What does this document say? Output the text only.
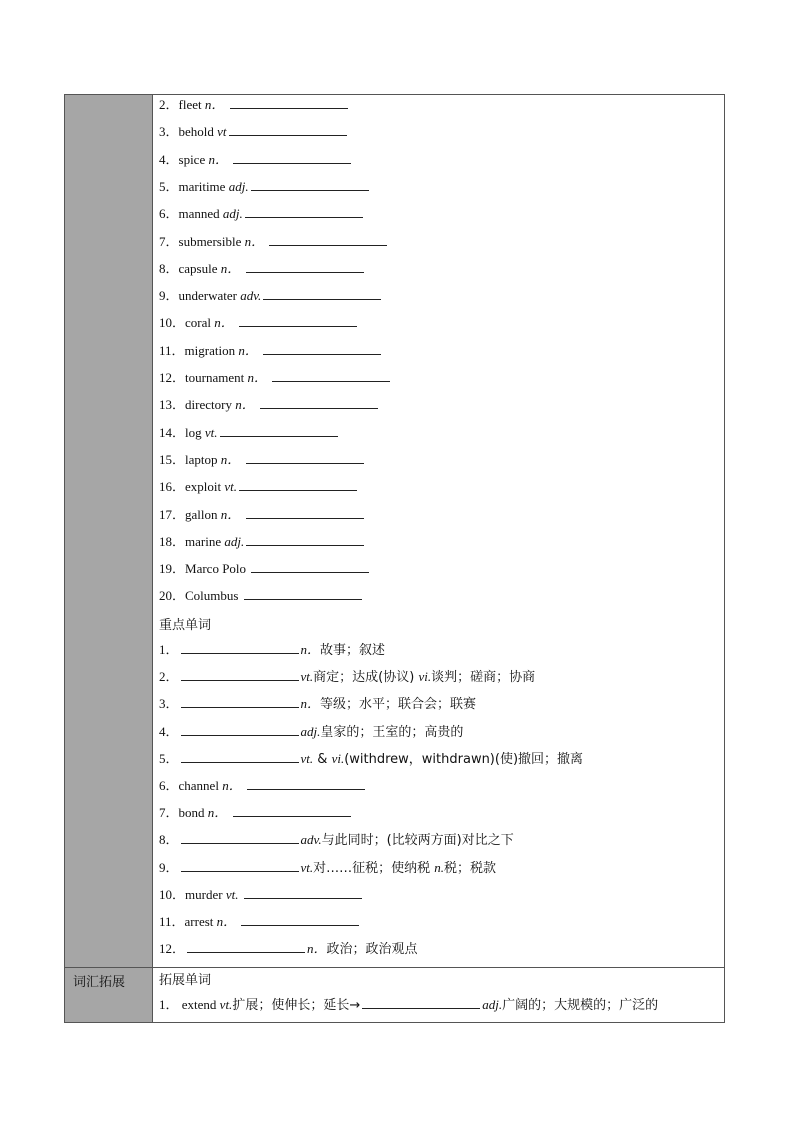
词汇拓展
2．fleet n．
3．behold vt
4．spice n．
5．maritime adj.
6．manned adj.
7．submersible n．
8．capsule n．
9．underwater adv.
10．coral n．
11．migration n．
12．tournament n．
13．directory n．
14．log vt.
15．laptop n．
16．exploit vt.
17．gallon n．
18．marine adj.
19．Marco Polo
20．Columbus
重点单词
1．	n．故事；叙述
2．	vt.商定；达成(协议) vi.谈判；磋商；协商
3．	n．等级；水平；联合会；联赛
4．	adj.皇家的；王室的；高贵的
5．	vt. & vi.(withdrew，withdrawn)(使)撤回；撤离
6．channel n．
7．bond n．
8．	adv.与此同时；(比较两方面)对比之下
9．	vt.对……征税；使纳税 n.税；税款
10．murder vt.
11．arrest n．
12．	n．政治；政治观点
拓展单词
1． extend vt.扩展；使伸长；延长→	adj.广阔的；大规模的；广泛的
